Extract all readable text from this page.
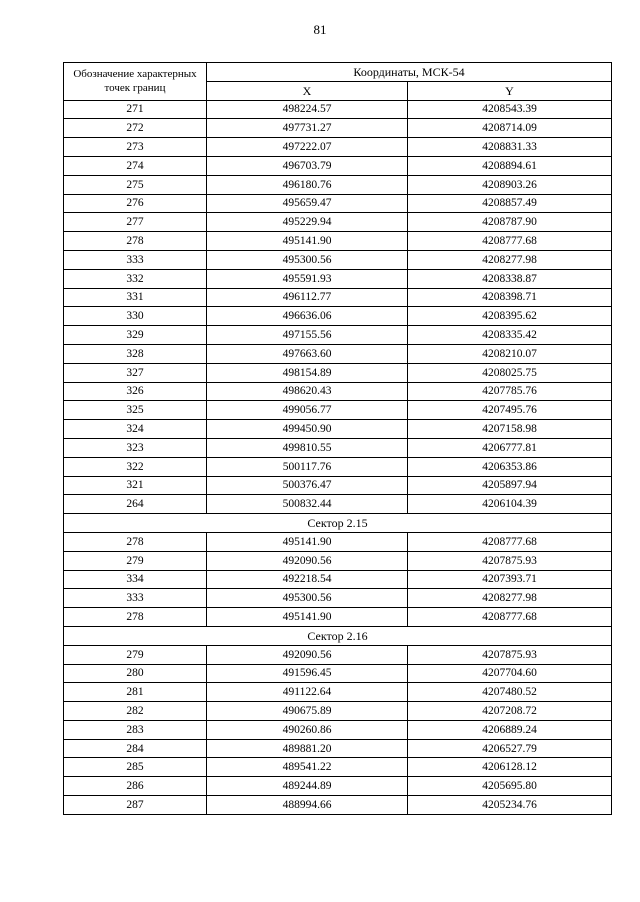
81
Обозначение характерных точек границ	Координаты, МСК-54	
	X	Y
271	498224.57	4208543.39
272	497731.27	4208714.09
273	497222.07	4208831.33
274	496703.79	4208894.61
275	496180.76	4208903.26
276	495659.47	4208857.49
277	495229.94	4208787.90
278	495141.90	4208777.68
333	495300.56	4208277.98
332	495591.93	4208338.87
331	496112.77	4208398.71
330	496636.06	4208395.62
329	497155.56	4208335.42
328	497663.60	4208210.07
327	498154.89	4208025.75
326	498620.43	4207785.76
325	499056.77	4207495.76
324	499450.90	4207158.98
323	499810.55	4206777.81
322	500117.76	4206353.86
321	500376.47	4205897.94
264	500832.44	4206104.39
Сектор 2.15		
278	495141.90	4208777.68
279	492090.56	4207875.93
334	492218.54	4207393.71
333	495300.56	4208277.98
278	495141.90	4208777.68
Сектор 2.16		
279	492090.56	4207875.93
280	491596.45	4207704.60
281	491122.64	4207480.52
282	490675.89	4207208.72
283	490260.86	4206889.24
284	489881.20	4206527.79
285	489541.22	4206128.12
286	489244.89	4205695.80
287	488994.66	4205234.76
